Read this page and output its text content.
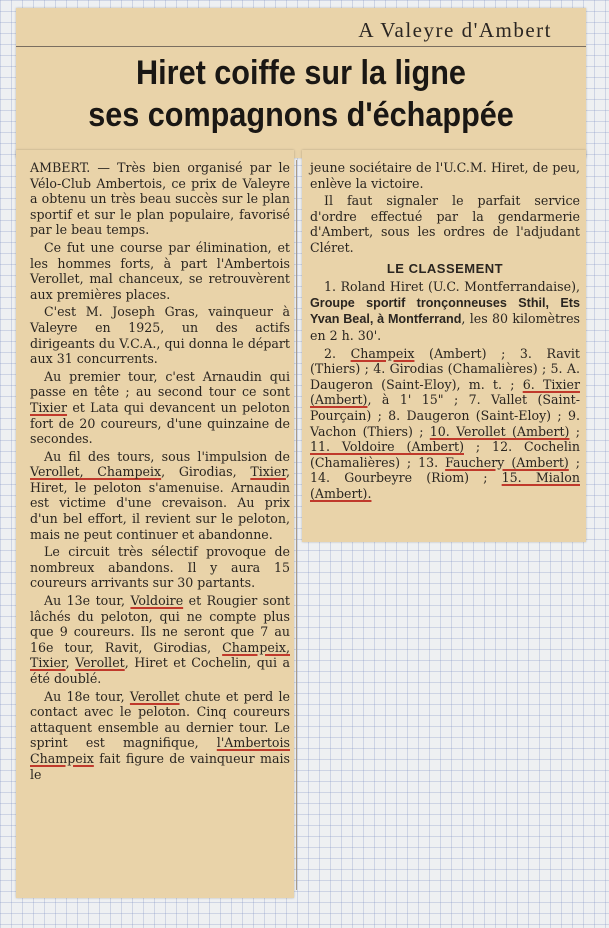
A Valeyre d'Ambert
Hiret coiffe sur la ligne
ses compagnons d'échappée

AMBERT. — Très bien organisé par le Vélo-Club Ambertois, ce prix de Valeyre a obtenu un très beau succès sur le plan sportif et sur le plan populaire, favorisé par le beau temps.

Ce fut une course par élimination, et les hommes forts, à part l'Ambertois Verollet, mal chanceux, se retrouvèrent aux premières places.

C'est M. Joseph Gras, vainqueur à Valeyre en 1925, un des actifs dirigeants du V.C.A., qui donna le départ aux 31 concurrents.

Au premier tour, c'est Arnaudin qui passe en tête ; au second tour ce sont Tixier et Lata qui devancent un peloton fort de 20 coureurs, d'une quinzaine de secondes.

Au fil des tours, sous l'impulsion de Verollet, Champeix, Girodias, Tixier, Hiret, le peloton s'amenuise. Arnaudin est victime d'une crevaison. Au prix d'un bel effort, il revient sur le peloton, mais ne peut continuer et abandonne.

Le circuit très sélectif provoque de nombreux abandons. Il y aura 15 coureurs arrivants sur 30 partants.

Au 13e tour, Voldoire et Rougier sont lâchés du peloton, qui ne compte plus que 9 coureurs. Ils ne seront que 7 au 16e tour, Ravit, Girodias, Champeix, Tixier, Verollet, Hiret et Cochelin, qui a été doublé.

Au 18e tour, Verollet chute et perd le contact avec le peloton. Cinq coureurs attaquent ensemble au dernier tour. Le sprint est magnifique, l'Ambertois Champeix fait figure de vainqueur mais le

jeune sociétaire de l'U.C.M. Hiret, de peu, enlève la victoire.

Il faut signaler le parfait service d'ordre effectué par la gendarmerie d'Ambert, sous les ordres de l'adjudant Cléret.

LE CLASSEMENT

1. Roland Hiret (U.C. Montferrandaise), Groupe sportif tronçonneuses Sthil, Ets Yvan Beal, à Montferrand, les 80 kilomètres en 2 h. 30'.

2. Champeix (Ambert) ; 3. Ravit (Thiers) ; 4. Girodias (Chamalières) ; 5. A. Daugeron (Saint-Eloy), m. t. ; 6. Tixier (Ambert), à 1' 15" ; 7. Vallet (Saint-Pourçain) ; 8. Daugeron (Saint-Eloy) ; 9. Vachon (Thiers) ; 10. Verollet (Ambert) ; 11. Voldoire (Ambert) ; 12. Cochelin (Chamalières) ; 13. Fauchery (Ambert) ; 14. Gourbeyre (Riom) ; 15. Mialon (Ambert).
